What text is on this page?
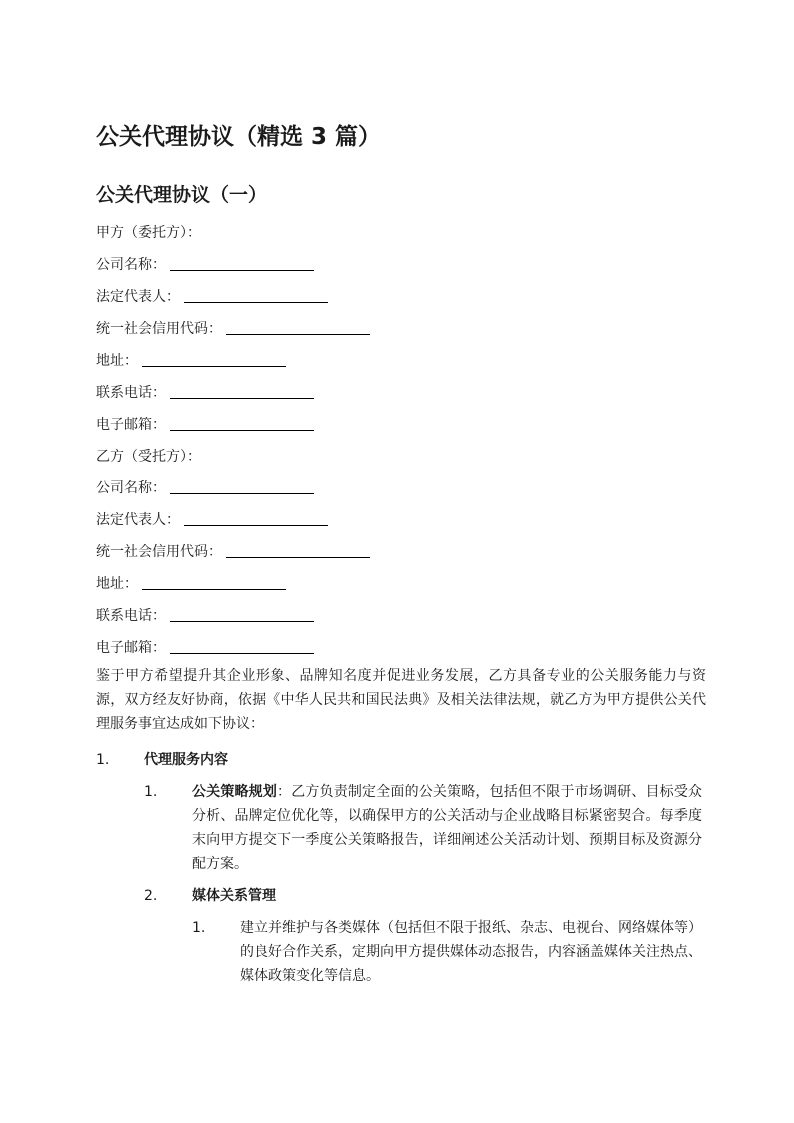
公关代理协议（精选 3 篇）
公关代理协议（一）
甲方（委托方）：
公司名称：
法定代表人：
统一社会信用代码：
地址：
联系电话：
电子邮箱：
乙方（受托方）：
公司名称：
法定代表人：
统一社会信用代码：
地址：
联系电话：
电子邮箱：

鉴于甲方希望提升其企业形象、品牌知名度并促进业务发展，乙方具备专业的公关服务能力与资源，双方经友好协商，依据《中华人民共和国民法典》及相关法律法规，就乙方为甲方提供公关代理服务事宜达成如下协议：

1. 代理服务内容
1. 公关策略规划：乙方负责制定全面的公关策略，包括但不限于市场调研、目标受众分析、品牌定位优化等，以确保甲方的公关活动与企业战略目标紧密契合。每季度末向甲方提交下一季度公关策略报告，详细阐述公关活动计划、预期目标及资源分配方案。

2. 媒体关系管理
1. 建立并维护与各类媒体（包括但不限于报纸、杂志、电视台、网络媒体等）的良好合作关系，定期向甲方提供媒体动态报告，内容涵盖媒体关注热点、媒体政策变化等信息。
